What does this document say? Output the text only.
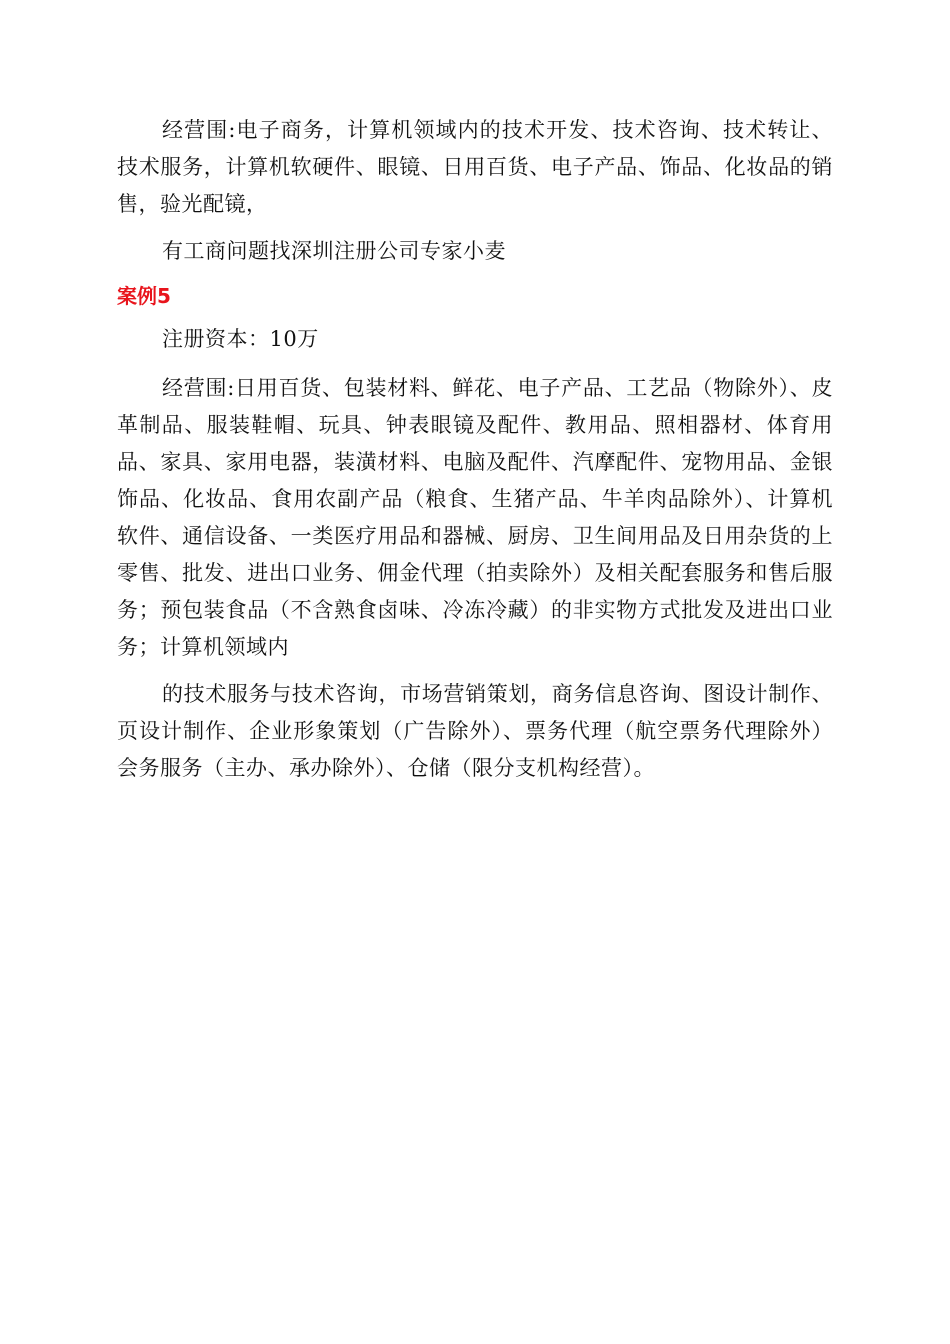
经营围:电子商务，计算机领域内的技术开发、技术咨询、技术转让、技术服务，计算机软硬件、眼镜、日用百货、电子产品、饰品、化妆品的销售，验光配镜，

有工商问题找深圳注册公司专家小麦

案例5

注册资本：10万

经营围:日用百货、包装材料、鲜花、电子产品、工艺品（物除外）、皮革制品、服装鞋帽、玩具、钟表眼镜及配件、教用品、照相器材、体育用品、家具、家用电器，装潢材料、电脑及配件、汽摩配件、宠物用品、金银饰品、化妆品、食用农副产品（粮食、生猪产品、牛羊肉品除外）、计算机软件、通信设备、一类医疗用品和器械、厨房、卫生间用品及日用杂货的上零售、批发、进出口业务、佣金代理（拍卖除外）及相关配套服务和售后服务；预包装食品（不含熟食卤味、冷冻冷藏）的非实物方式批发及进出口业务；计算机领域内

的技术服务与技术咨询，市场营销策划，商务信息咨询、图设计制作、页设计制作、企业形象策划（广告除外）、票务代理（航空票务代理除外）会务服务（主办、承办除外）、仓储（限分支机构经营）。
